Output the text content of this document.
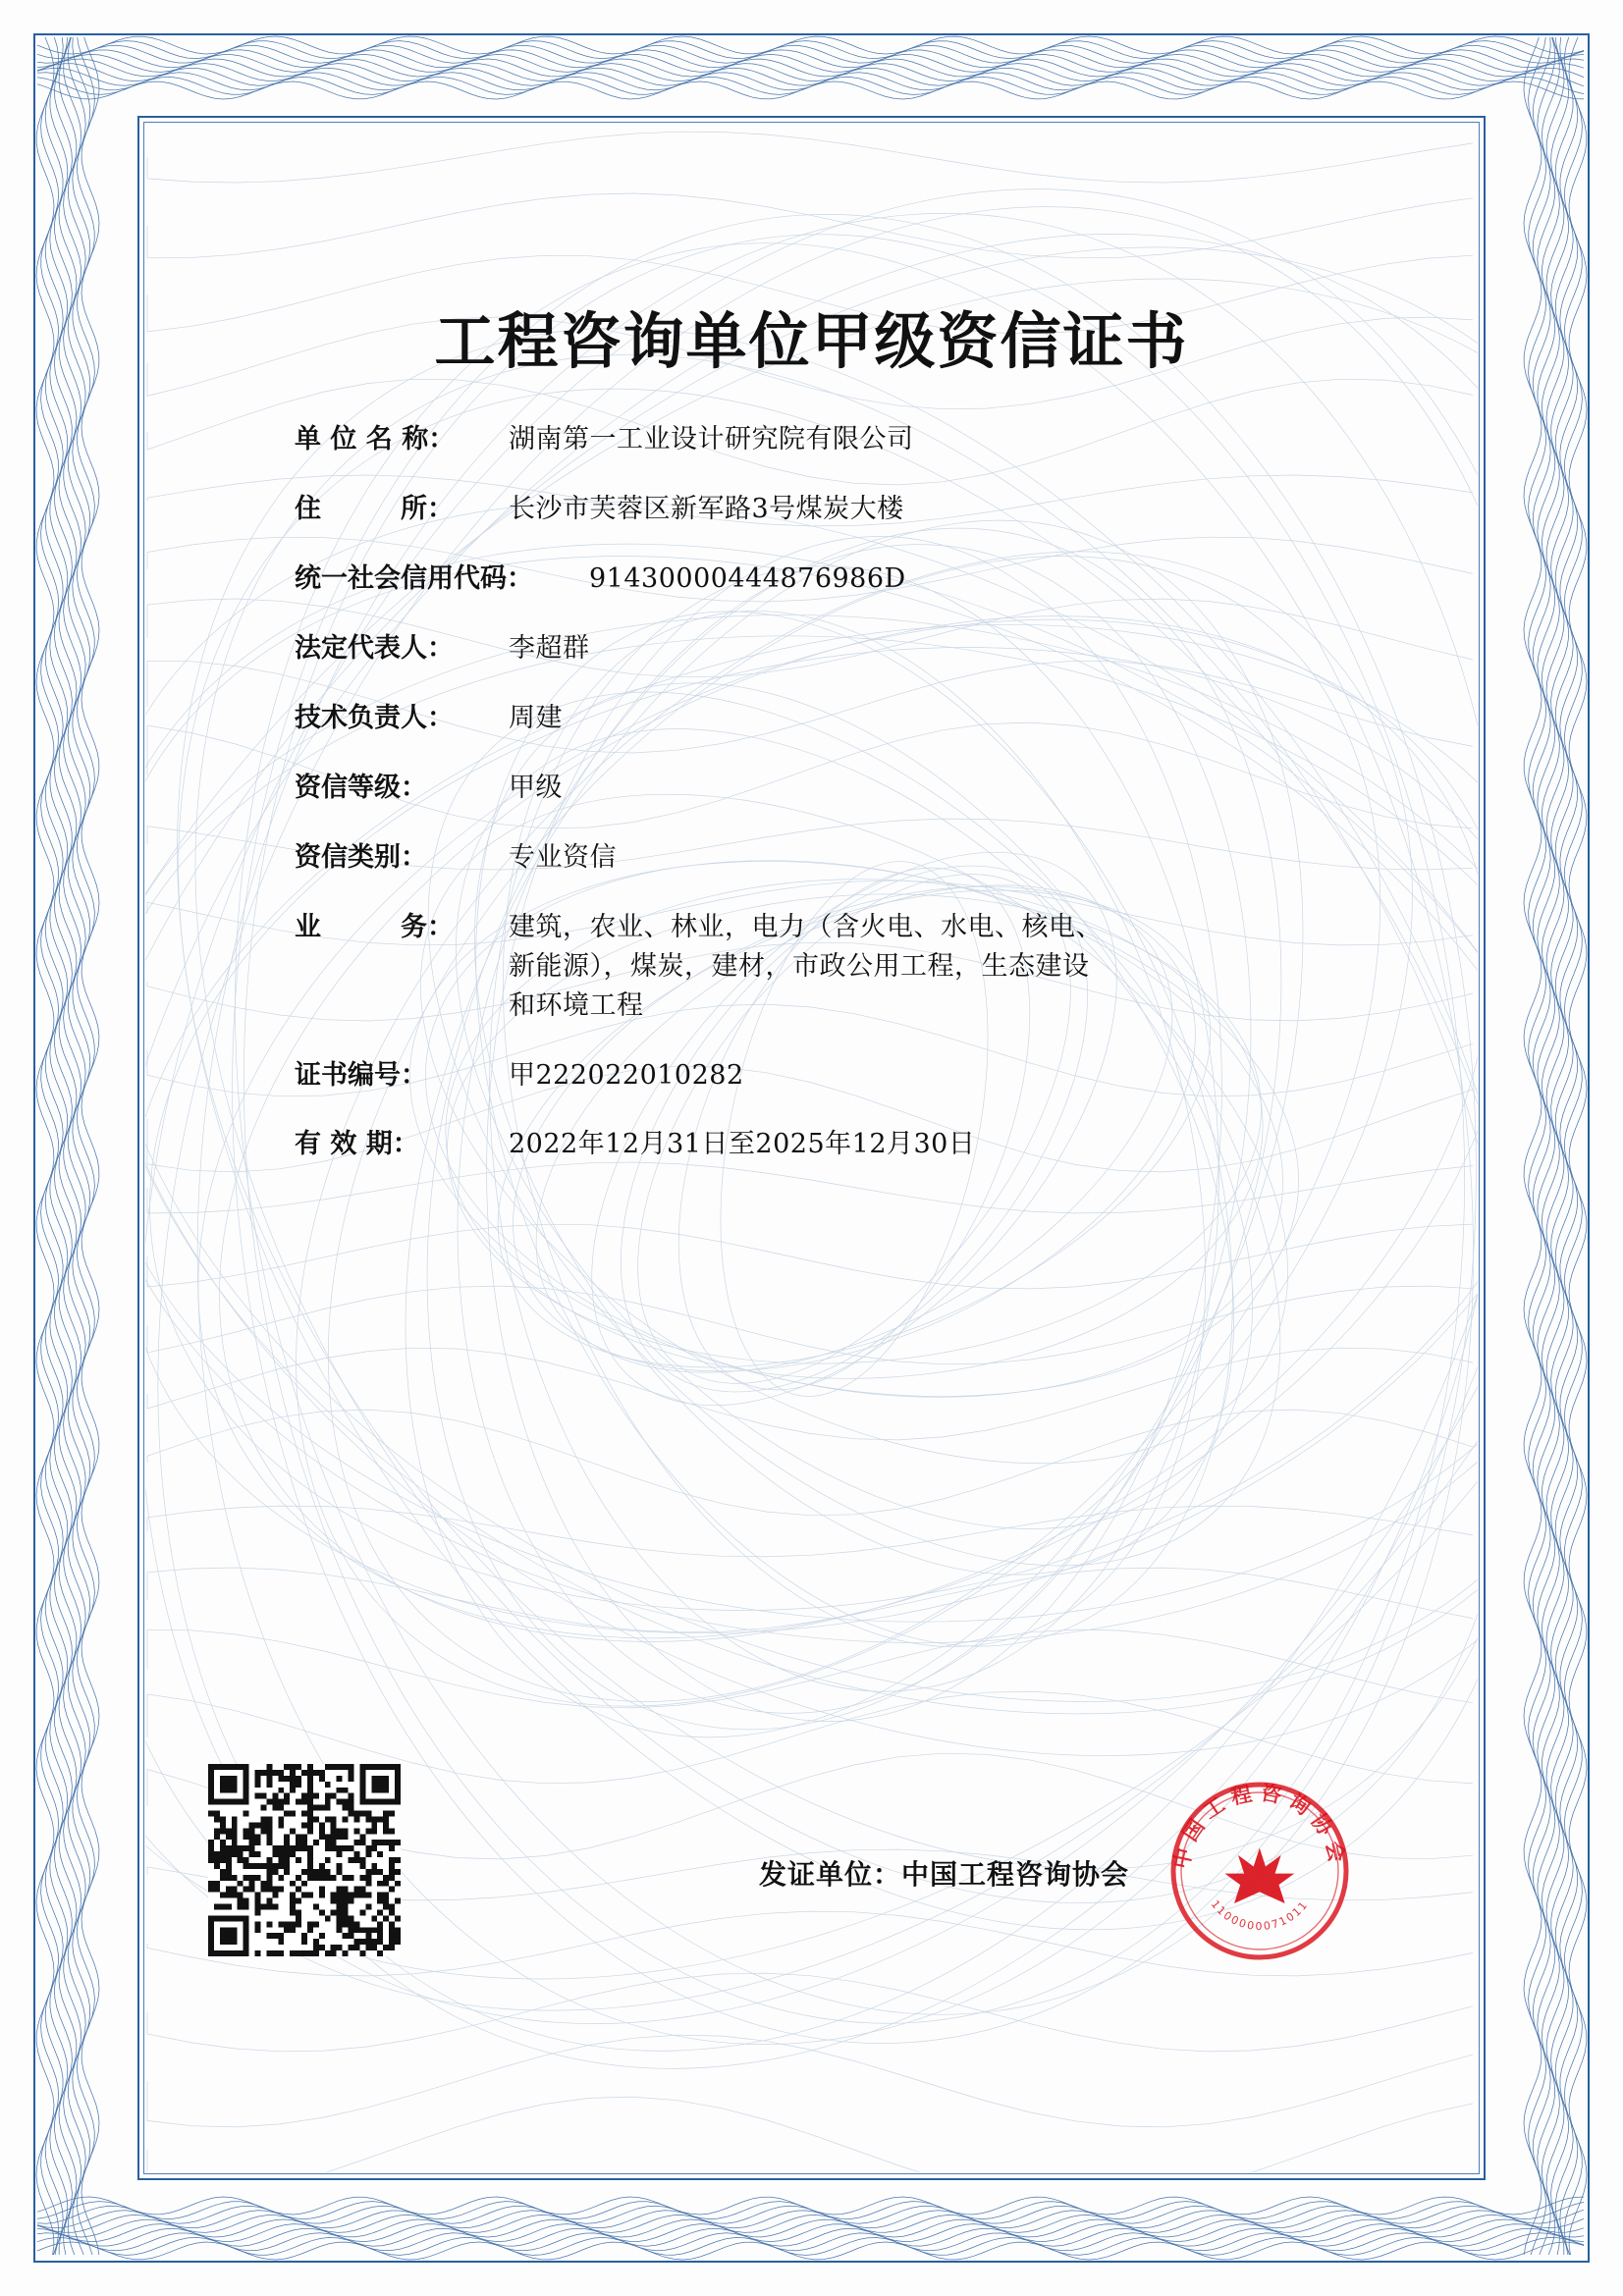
工程咨询单位甲级资信证书
单 位 名 称：	湖南第一工业设计研究院有限公司
住　　　所：	长沙市芙蓉区新军路3号煤炭大楼
统一社会信用代码：	91430000444876986D
法定代表人：	李超群
技术负责人：	周建
资信等级：	甲级
资信类别：	专业资信
业　　　务：	建筑，农业、林业，电力（含火电、水电、核电、新能源），煤炭，建材，市政公用工程，生态建设和环境工程
证书编号：	甲222022010282
有 效 期：	2022年12月31日至2025年12月30日
发证单位：中国工程咨询协会
中国工程咨询协会
1100000071011
